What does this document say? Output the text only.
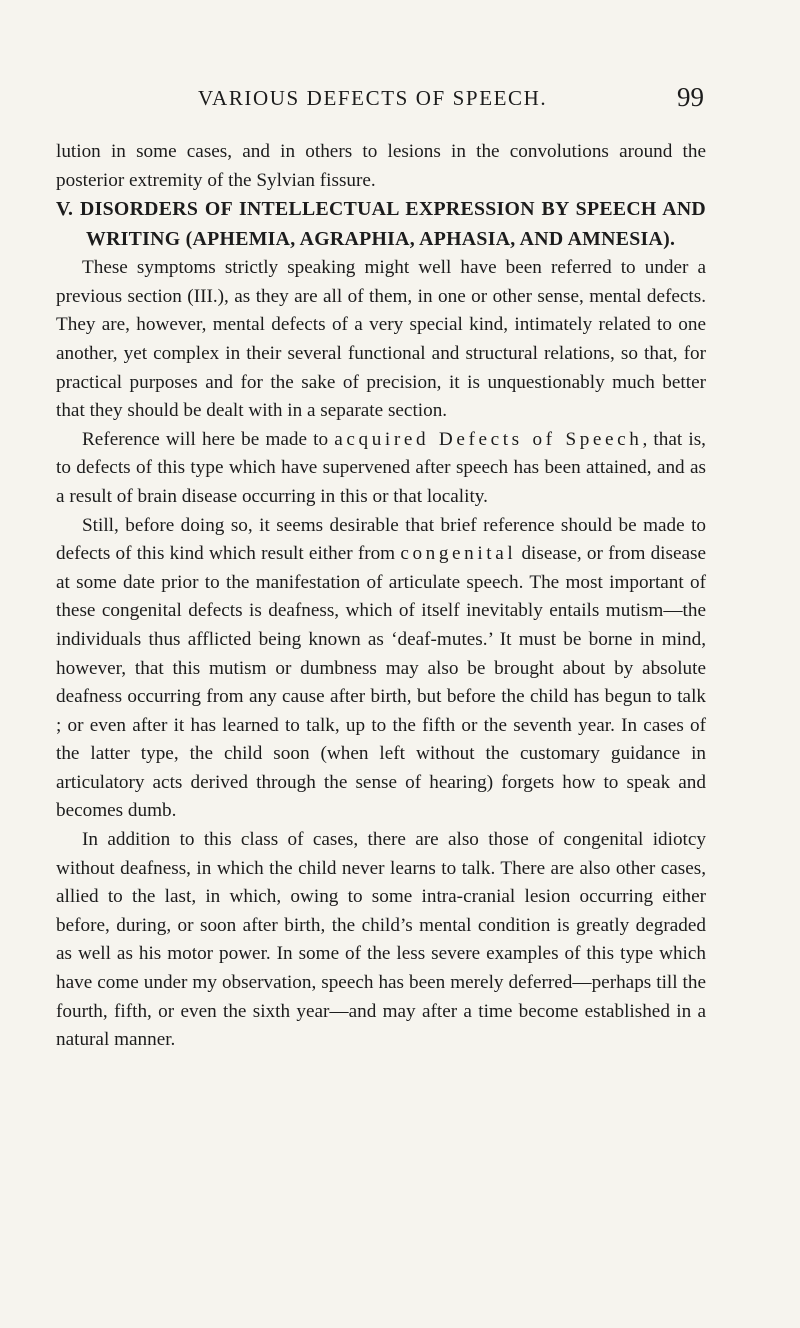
VARIOUS DEFECTS OF SPEECH.	99

lution in some cases, and in others to lesions in the convolutions around the posterior extremity of the Sylvian fissure.

V. DISORDERS OF INTELLECTUAL EXPRESSION BY SPEECH AND WRITING (APHEMIA, AGRAPHIA, APHASIA, AND AMNESIA).

These symptoms strictly speaking might well have been referred to under a previous section (III.), as they are all of them, in one or other sense, mental defects. They are, however, mental defects of a very special kind, intimately related to one another, yet complex in their several functional and structural relations, so that, for practical purposes and for the sake of precision, it is unquestionably much better that they should be dealt with in a separate section.

Reference will here be made to acquired Defects of Speech, that is, to defects of this type which have supervened after speech has been attained, and as a result of brain disease occurring in this or that locality.

Still, before doing so, it seems desirable that brief reference should be made to defects of this kind which result either from congenital disease, or from disease at some date prior to the manifestation of articulate speech. The most important of these congenital defects is deafness, which of itself inevitably entails mutism—the individuals thus afflicted being known as ‘deaf-mutes.’ It must be borne in mind, however, that this mutism or dumbness may also be brought about by absolute deafness occurring from any cause after birth, but before the child has begun to talk ; or even after it has learned to talk, up to the fifth or the seventh year. In cases of the latter type, the child soon (when left without the customary guidance in articulatory acts derived through the sense of hearing) forgets how to speak and becomes dumb.

In addition to this class of cases, there are also those of congenital idiotcy without deafness, in which the child never learns to talk. There are also other cases, allied to the last, in which, owing to some intra-cranial lesion occurring either before, during, or soon after birth, the child’s mental condition is greatly degraded as well as his motor power. In some of the less severe examples of this type which have come under my observation, speech has been merely deferred—perhaps till the fourth, fifth, or even the sixth year—and may after a time become established in a natural manner.
